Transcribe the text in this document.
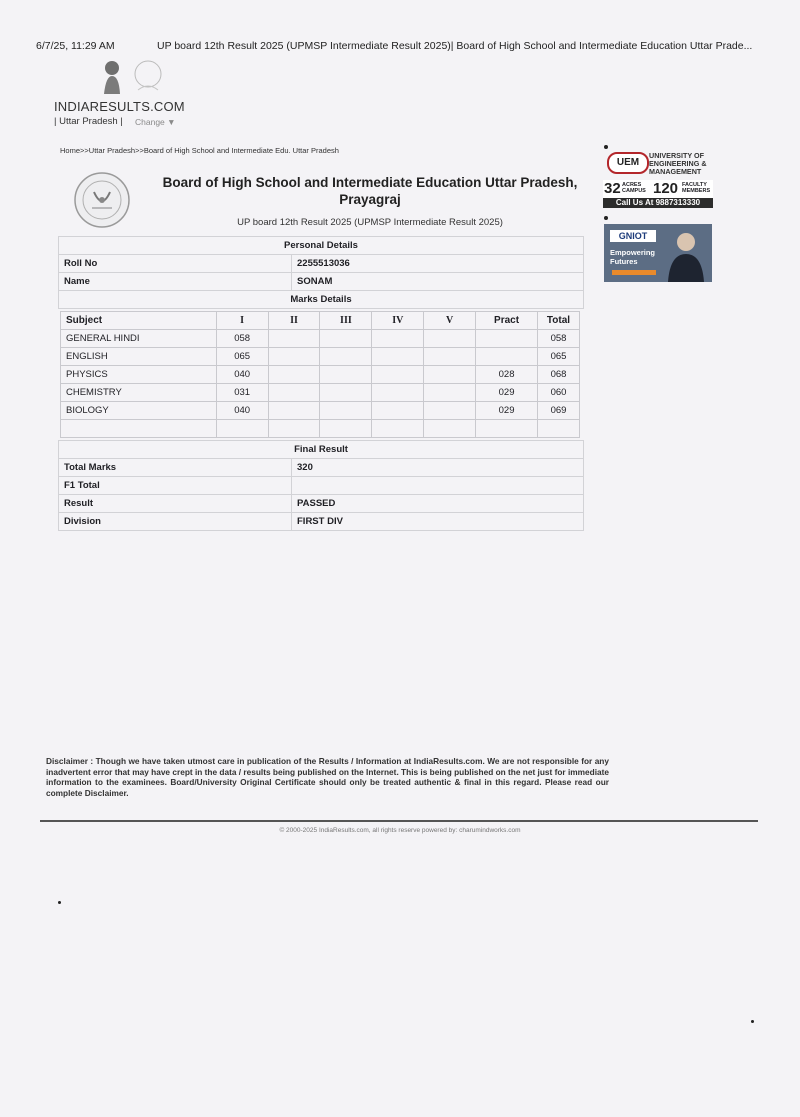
6/7/25, 11:29 AM	UP board 12th Result 2025 (UPMSP Intermediate Result 2025)| Board of High School and Intermediate Education Uttar Prade...
INDIARESULTS.COM
| Uttar Pradesh | Change ▼
Home>>Uttar Pradesh>>Board of High School and Intermediate Edu. Uttar Pradesh
Board of High School and Intermediate Education Uttar Pradesh,
Prayagraj
UP board 12th Result 2025 (UPMSP Intermediate Result 2025)
Personal Details	
Roll No	2255513036
Name	SONAM
Marks Details	
Subject	I	II	III	IV	V	Pract	Total
GENERAL HINDI	058						058
ENGLISH	065						065
PHYSICS	040					028	068
CHEMISTRY	031					029	060
BIOLOGY	040					029	069

Final Result	
Total Marks	320
F1 Total	
Result	PASSED
Division	FIRST DIV
UEM
UNIVERSITY OF ENGINEERING & MANAGEMENT
32 ACRES CAMPUS 120 FACULTY MEMBERS
Call Us At 9887313330
GNIOT
Empowering Futures
Disclaimer : Though we have taken utmost care in publication of the Results / Information at IndiaResults.com. We are not responsible for any inadvertent error that may have crept in the data / results being published on the Internet. This is being published on the net just for immediate information to the examinees. Board/University Original Certificate should only be treated authentic & final in this regard. Please read our complete Disclaimer.
© 2000-2025 IndiaResults.com, all rights reserve powered by: charumindworks.com
